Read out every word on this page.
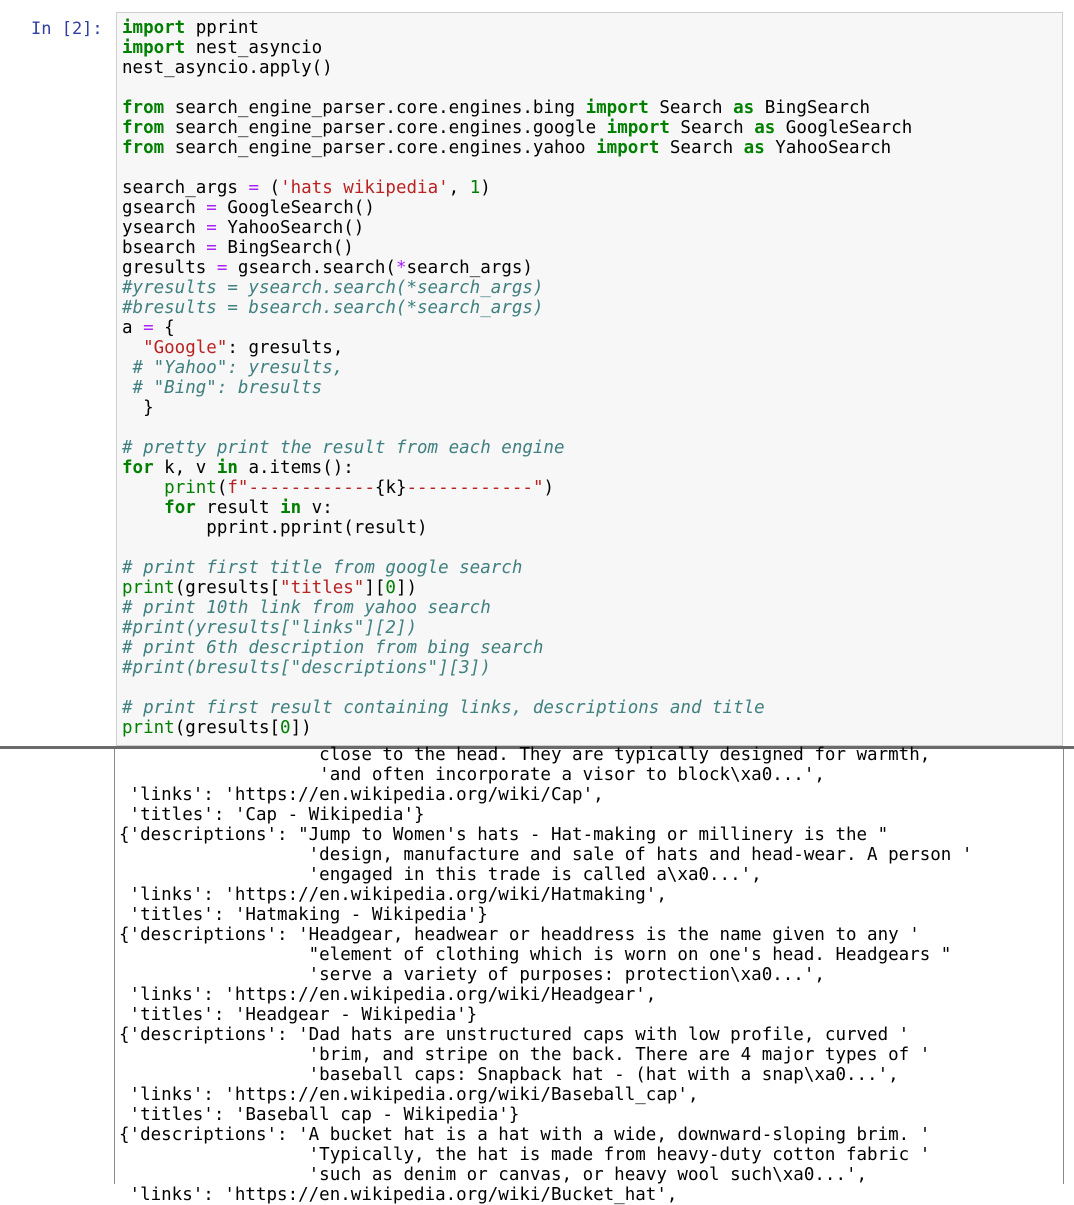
In [2]: import pprint
import nest_asyncio
nest_asyncio.apply()
from search_engine_parser.core.engines.bing import Search as BingSearch
from search_engine_parser.core.engines.google import Search as GoogleSearch
from search_engine_parser.core.engines.yahoo import Search as YahooSearch
search_args = ('hats wikipedia', 1)
gsearch = GoogleSearch()
ysearch = YahooSearch()
bsearch = BingSearch()
gresults = gsearch.search(*search_args)
#yresults = ysearch.search(*search_args)
#bresults = bsearch.search(*search_args)
a = {
"Google": gresults,
# "Yahoo": yresults,
# "Bing": bresults
}
# pretty print the result from each engine
for k, v in a.items():
print(f"------------{k}------------")
for result in v:
pprint.pprint(result)
# print first title from google search
print(gresults["titles"][0])
# print 10th link from yahoo search
#print(yresults["links"][2])
# print 6th description from bing search
#print(bresults["descriptions"][3])
# print first result containing links, descriptions and title
print(gresults[0])
close to the head. They are typically designed for warmth,
'and often incorporate a visor to block\xa0...',
'links': 'https://en.wikipedia.org/wiki/Cap',
'titles': 'Cap - Wikipedia'}
{'descriptions': "Jump to Women's hats - Hat-making or millinery is the "
'design, manufacture and sale of hats and head-wear. A person '
'engaged in this trade is called a\xa0...',
'links': 'https://en.wikipedia.org/wiki/Hatmaking',
'titles': 'Hatmaking - Wikipedia'}
{'descriptions': 'Headgear, headwear or headdress is the name given to any '
"element of clothing which is worn on one's head. Headgears "
'serve a variety of purposes: protection\xa0...',
'links': 'https://en.wikipedia.org/wiki/Headgear',
'titles': 'Headgear - Wikipedia'}
{'descriptions': 'Dad hats are unstructured caps with low profile, curved '
'brim, and stripe on the back. There are 4 major types of '
'baseball caps: Snapback hat - (hat with a snap\xa0...',
'links': 'https://en.wikipedia.org/wiki/Baseball_cap',
'titles': 'Baseball cap - Wikipedia'}
{'descriptions': 'A bucket hat is a hat with a wide, downward-sloping brim. '
'Typically, the hat is made from heavy-duty cotton fabric '
'such as denim or canvas, or heavy wool such\xa0...',
'links': 'https://en.wikipedia.org/wiki/Bucket_hat',
